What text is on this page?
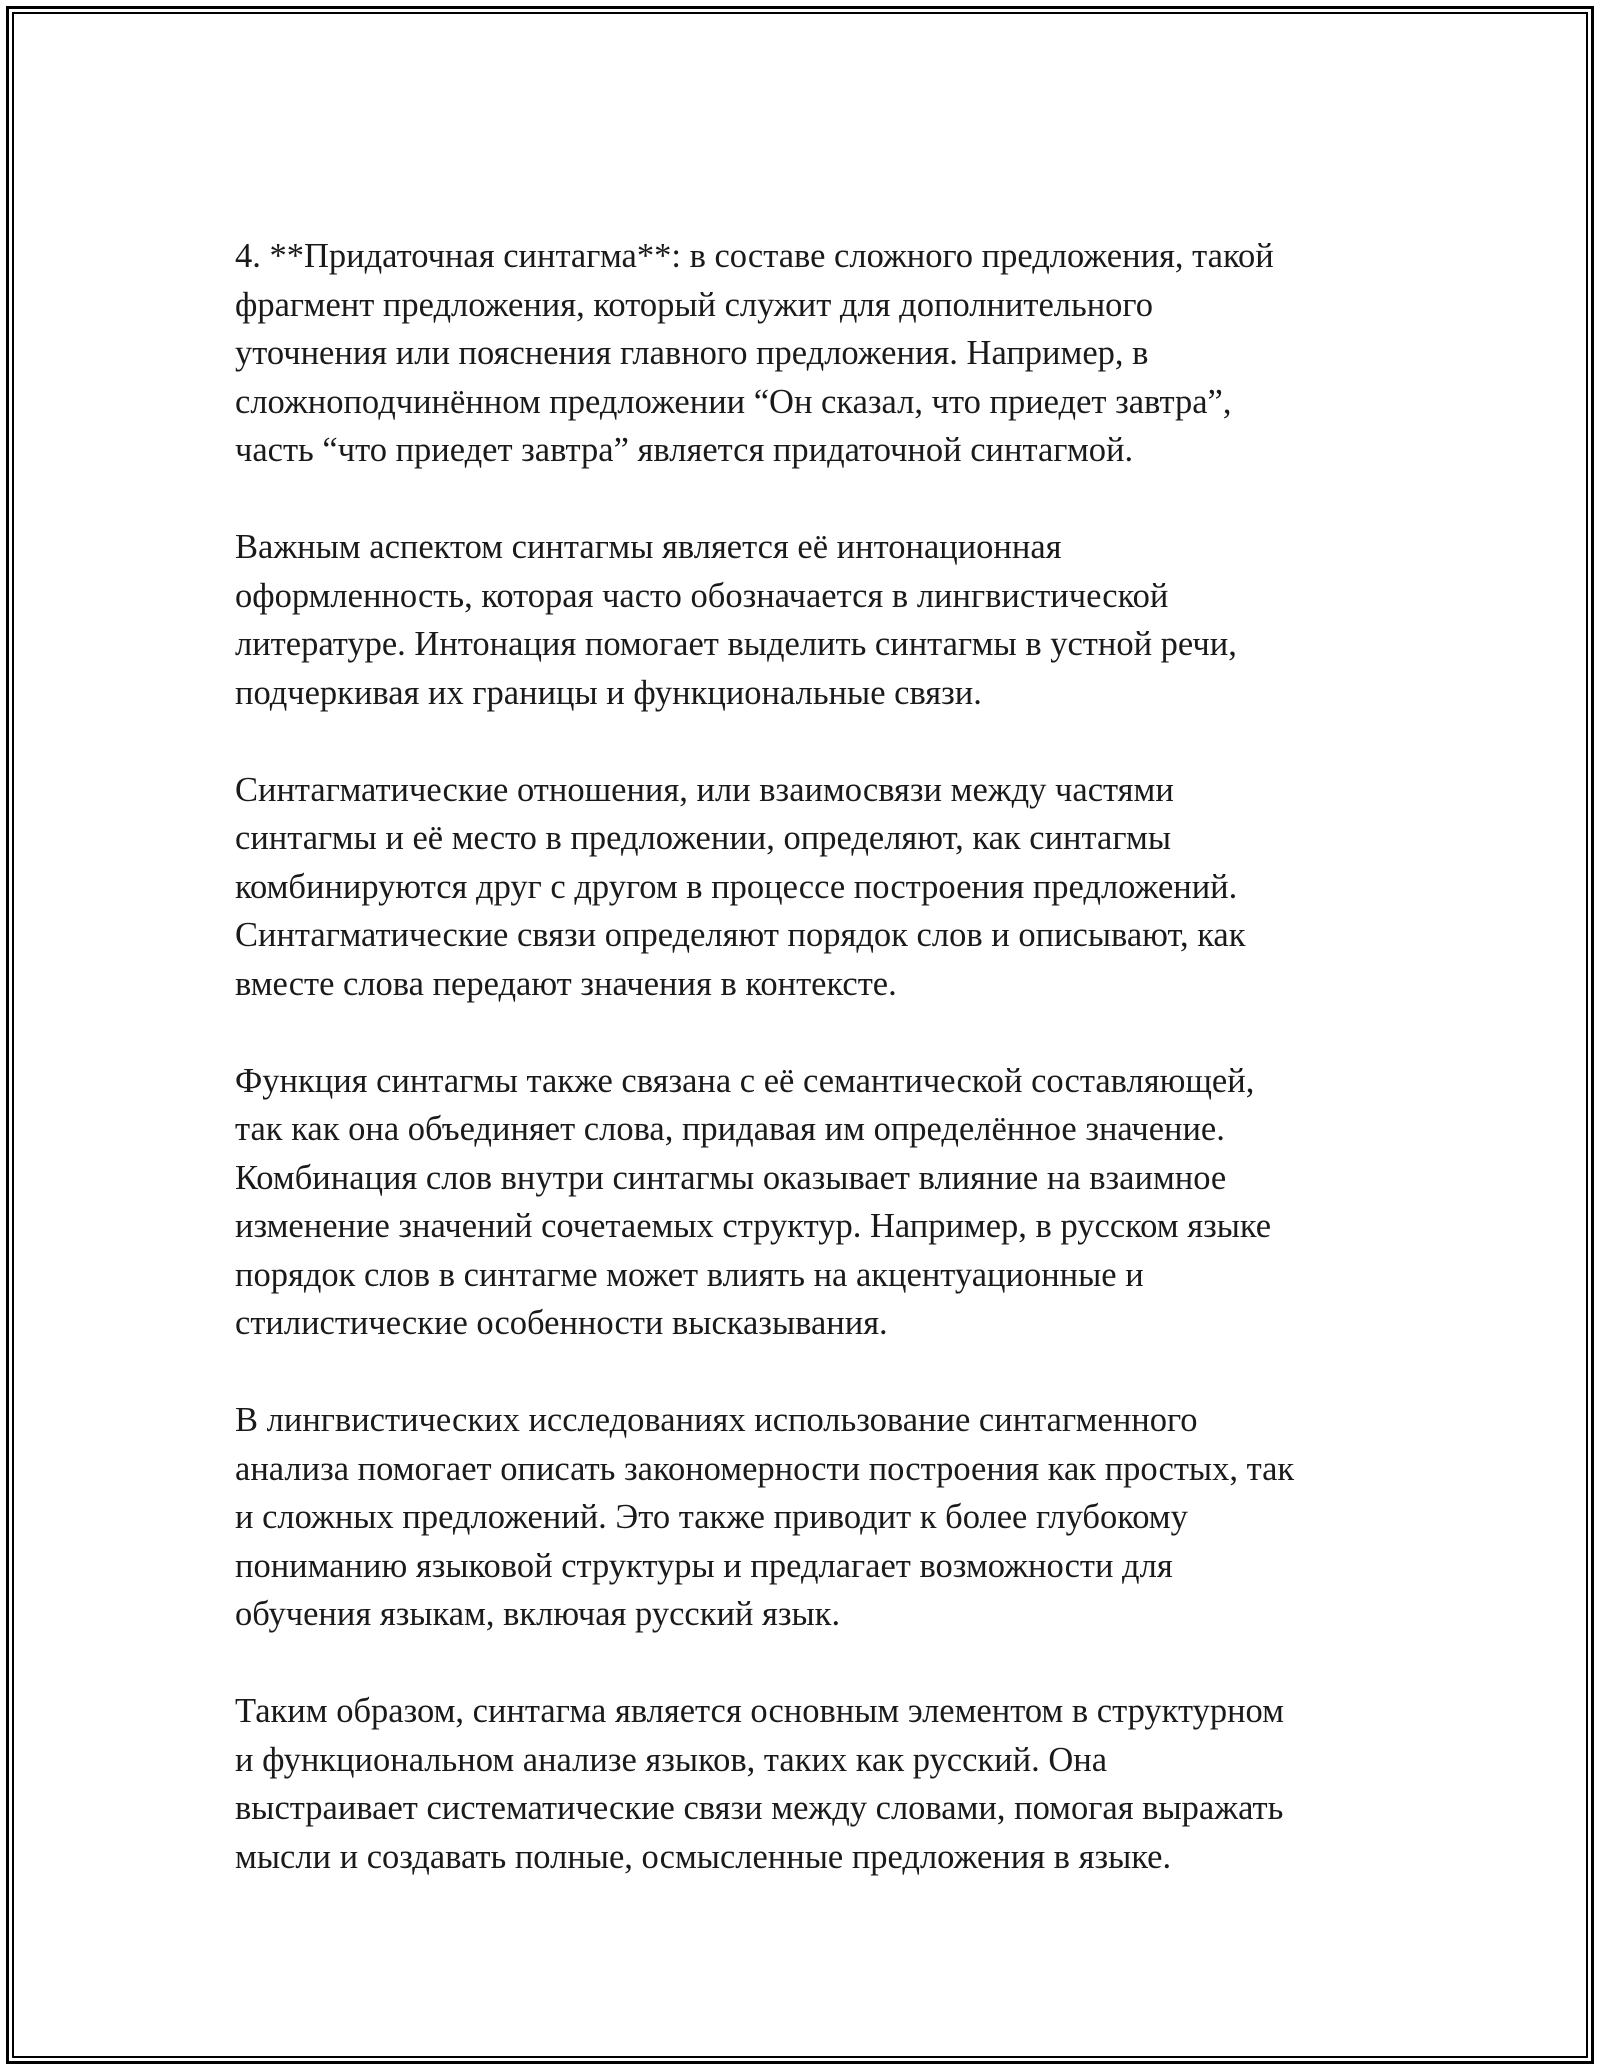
4. **Придаточная синтагма**: в составе сложного предложения, такой
фрагмент предложения, который служит для дополнительного
уточнения или пояснения главного предложения. Например, в
сложноподчинённом предложении “Он сказал, что приедет завтра”,
часть “что приедет завтра” является придаточной синтагмой.

Важным аспектом синтагмы является её интонационная
оформленность, которая часто обозначается в лингвистической
литературе. Интонация помогает выделить синтагмы в устной речи,
подчеркивая их границы и функциональные связи.

Синтагматические отношения, или взаимосвязи между частями
синтагмы и её место в предложении, определяют, как синтагмы
комбинируются друг с другом в процессе построения предложений.
Синтагматические связи определяют порядок слов и описывают, как
вместе слова передают значения в контексте.

Функция синтагмы также связана с её семантической составляющей,
так как она объединяет слова, придавая им определённое значение.
Комбинация слов внутри синтагмы оказывает влияние на взаимное
изменение значений сочетаемых структур. Например, в русском языке
порядок слов в синтагме может влиять на акцентуационные и
стилистические особенности высказывания.

В лингвистических исследованиях использование синтагменного
анализа помогает описать закономерности построения как простых, так
и сложных предложений. Это также приводит к более глубокому
пониманию языковой структуры и предлагает возможности для
обучения языкам, включая русский язык.

Таким образом, синтагма является основным элементом в структурном
и функциональном анализе языков, таких как русский. Она
выстраивает систематические связи между словами, помогая выражать
мысли и создавать полные, осмысленные предложения в языке.
